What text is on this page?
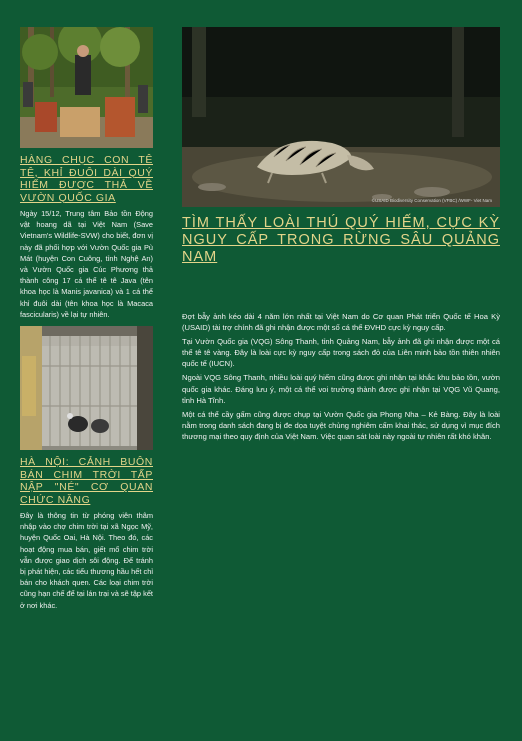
HÀNG CHỤC CON TÊ TÊ, KHỈ ĐUÔI DÀI QUÝ HIẾM ĐƯỢC THẢ VỀ VƯỜN QUỐC GIA

Ngày 15/12, Trung tâm Bảo tồn Động vật hoang dã tại Việt Nam (Save Vietnam's Wildlife-SVW) cho biết, đơn vị này đã phối hợp với Vườn Quốc gia Pù Mát (huyện Con Cuông, tỉnh Nghệ An) và Vườn Quốc gia Cúc Phương thả thành công 17 cá thể tê tê Java (tên khoa học là Manis javanica) và 1 cá thể khỉ đuôi dài (tên khoa học là Macaca fascicularis) về lại tự nhiên.

HÀ NỘI: CẢNH BUÔN BÁN CHIM TRỜI TẤP NẬP "NÉ" CƠ QUAN CHỨC NĂNG

Đây là thông tin từ phóng viên thâm nhập vào chợ chim trời tại xã Ngọc Mỹ, huyện Quốc Oai, Hà Nội. Theo đó, các hoạt động mua bán, giết mổ chim trời vẫn được giao dịch sôi động. Để tránh bị phát hiện, các tiểu thương hầu hết chỉ bán cho khách quen. Các loại chim trời cũng hạn chế để tại lán trại và sẽ tập kết ở nơi khác.

©USAID Biodiversity Conservation (VFBC) /WWF- Viet Nam
TÌM THẤY LOÀI THÚ QUÝ HIẾM, CỰC KỲ NGUY CẤP TRONG RỪNG SÂU QUẢNG NAM

Đợt bẫy ảnh kéo dài 4 năm lớn nhất tại Việt Nam do Cơ quan Phát triển Quốc tế Hoa Kỳ (USAID) tài trợ chính đã ghi nhận được một số cá thể ĐVHD cực kỳ nguy cấp.

Tại Vườn Quốc gia (VQG) Sông Thanh, tỉnh Quảng Nam, bẫy ảnh đã ghi nhận được một cá thể tê tê vàng. Đây là loài cực kỳ nguy cấp trong sách đỏ của Liên minh bảo tồn thiên nhiên quốc tế (IUCN).

Ngoài VQG Sông Thanh, nhiều loài quý hiếm cũng được ghi nhận tại khắc khu bảo tồn, vườn quốc gia khác. Đáng lưu ý, một cá thể voi trưởng thành được ghi nhận tại VQG Vũ Quang, tỉnh Hà Tĩnh.

Một cá thể cầy gấm cũng được chụp tại Vườn Quốc gia Phong Nha – Kẻ Bàng. Đây là loài nằm trong danh sách đang bị đe dọa tuyệt chủng nghiêm cấm khai thác, sử dụng vì mục đích thương mại theo quy định của Việt Nam. Việc quan sát loài này ngoài tự nhiên rất khó khăn.
